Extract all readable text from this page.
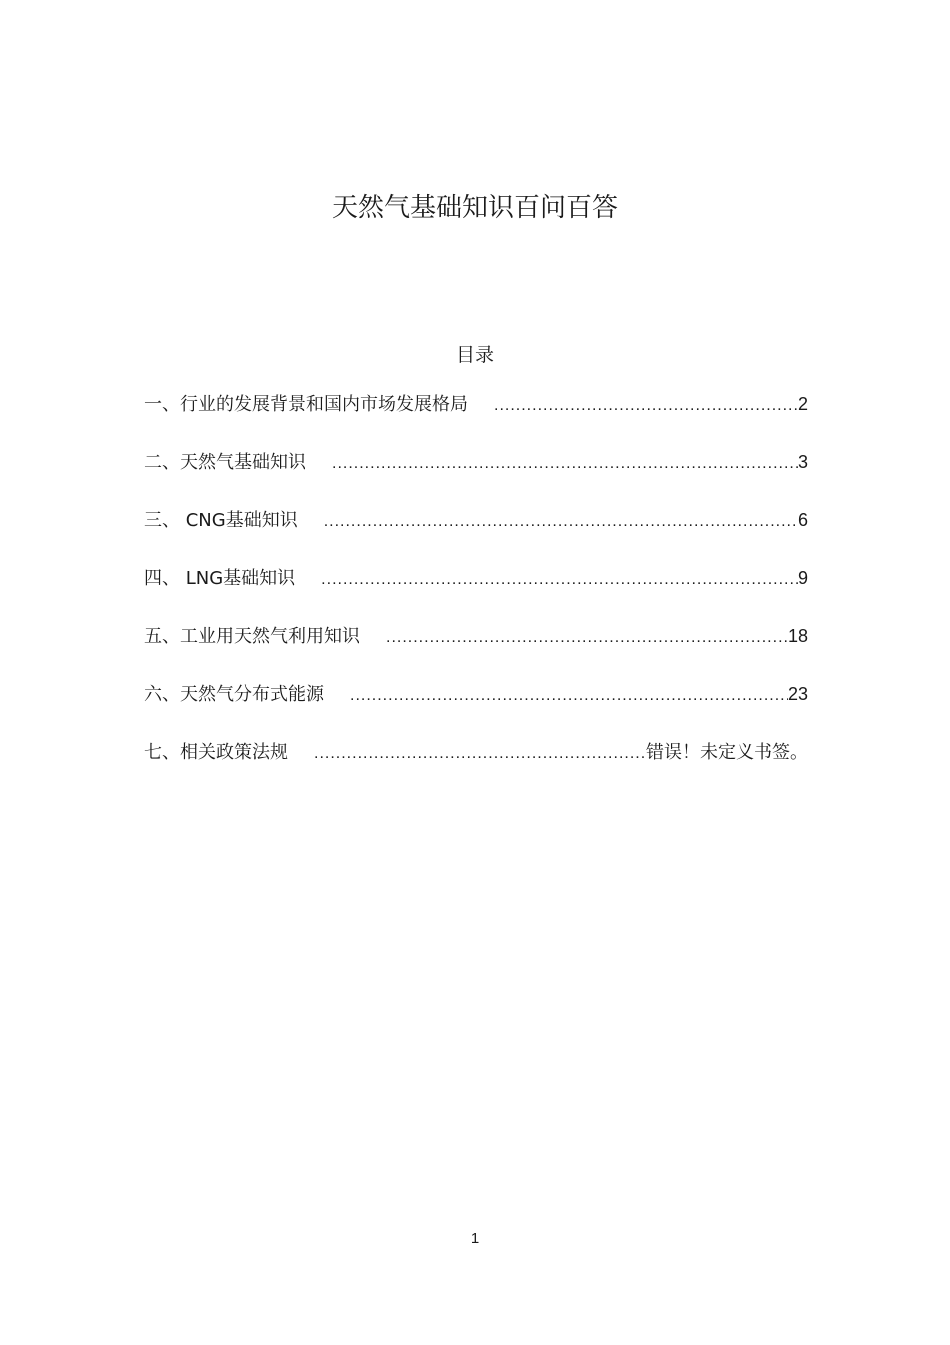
天然气基础知识百问百答
目录
一、行业的发展背景和国内市场发展格局 .....	2
二、天然气基础知识 .....	3
三、 CNG基础知识 .....	6
四、 LNG基础知识 .....	9
五、工业用天然气利用知识 .....	18
六、天然气分布式能源 .....	23
七、相关政策法规 .....	错误！未定义书签。
1
